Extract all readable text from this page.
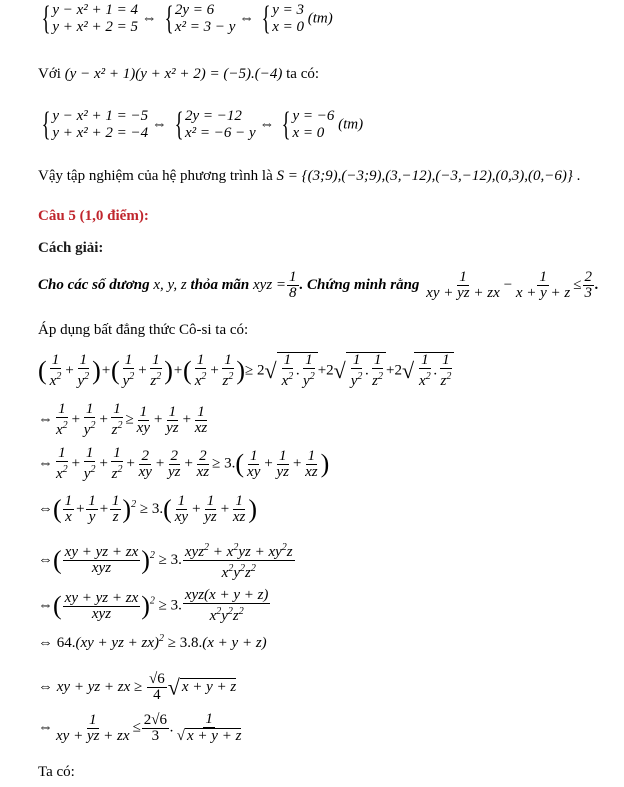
{ y − x² + 1 = 4
y + x² + 2 = 5
⇔ { 2y = 6
x² = 3 − y
⇔ { y = 3
x = 0
(tm)
Với (y − x² + 1)(y + x² + 2) = (−5).(−4) ta có:
{ y − x² + 1 = −5
y + x² + 2 = −4
⇔ { 2y = −12
x² = −6 − y
⇔ { y = −6
x = 0
(tm)
Vậy tập nghiệm của hệ phương trình là S = {(3;9),(−3;9),(3,−12),(−3,−12),(0,3),(0,−6)} .
Câu 5 (1,0 điểm):
Cách giải:
Cho các số dương x, y, z thỏa mãn xyz = $\frac{1}{8}$ . Chứng minh rằng $\frac{1}{xy + yz + zx} - \frac{1}{x + y + z} \le \frac{2}{3}$ .
Áp dụng bất đẳng thức Cô-si ta có:
( $\frac{1}{x^2} + \frac{1}{y^2}$ )+( $\frac{1}{y^2} + \frac{1}{z^2}$ )+( $\frac{1}{x^2} + \frac{1}{z^2}$ )≥ $2√ \frac{1}{x^2}$ . $\frac{1}{y^2} +2√ \frac{1}{y^2}$ . $\frac{1}{z^2} +2√ \frac{1}{x^2}$ . $\frac{1}{z^2}$
⇔ $\frac{1}{x^2} + \frac{1}{y^2} + \frac{1}{z^2} \ge \frac{1}{xy} + \frac{1}{yz} + \frac{1}{xz}$
⇔ $\frac{1}{x^2} + \frac{1}{y^2} + \frac{1}{z^2} + \frac{2}{xy} + \frac{2}{yz} + \frac{2}{xz} \ge 3.( \frac{1}{xy} + \frac{1}{yz} + \frac{1}{xz}$ )
⇔( $\frac{1}{x} + \frac{1}{y} + \frac{1}{z} )^2 \ge 3.( \frac{1}{xy} + \frac{1}{yz} + \frac{1}{xz}$ )
⇔( $\frac{xy + yz + zx}{\text{xyz}} )^2 \ge 3$. $\frac{xyz^2 + x^2yz + xy^2z}{x^2y^2z^2}$
⇔( $\frac{xy + yz + zx}{\text{xyz}} )^2 \ge 3$. $\frac{\text{xyz(x + y + z)}}{x^2y^2z^2}$
⇔ 64.(xy + yz + zx)$^2$ ≥ 3.8.(x + y + z)
⇔ xy + yz + zx ≥ $\frac{√6}{4}$ √ x + y + z
⇔ $\frac{1}{xy + yz + zx} \le \frac{2√6}{3}$ . $\frac{1}{√ x + y + z}$
Ta có:
